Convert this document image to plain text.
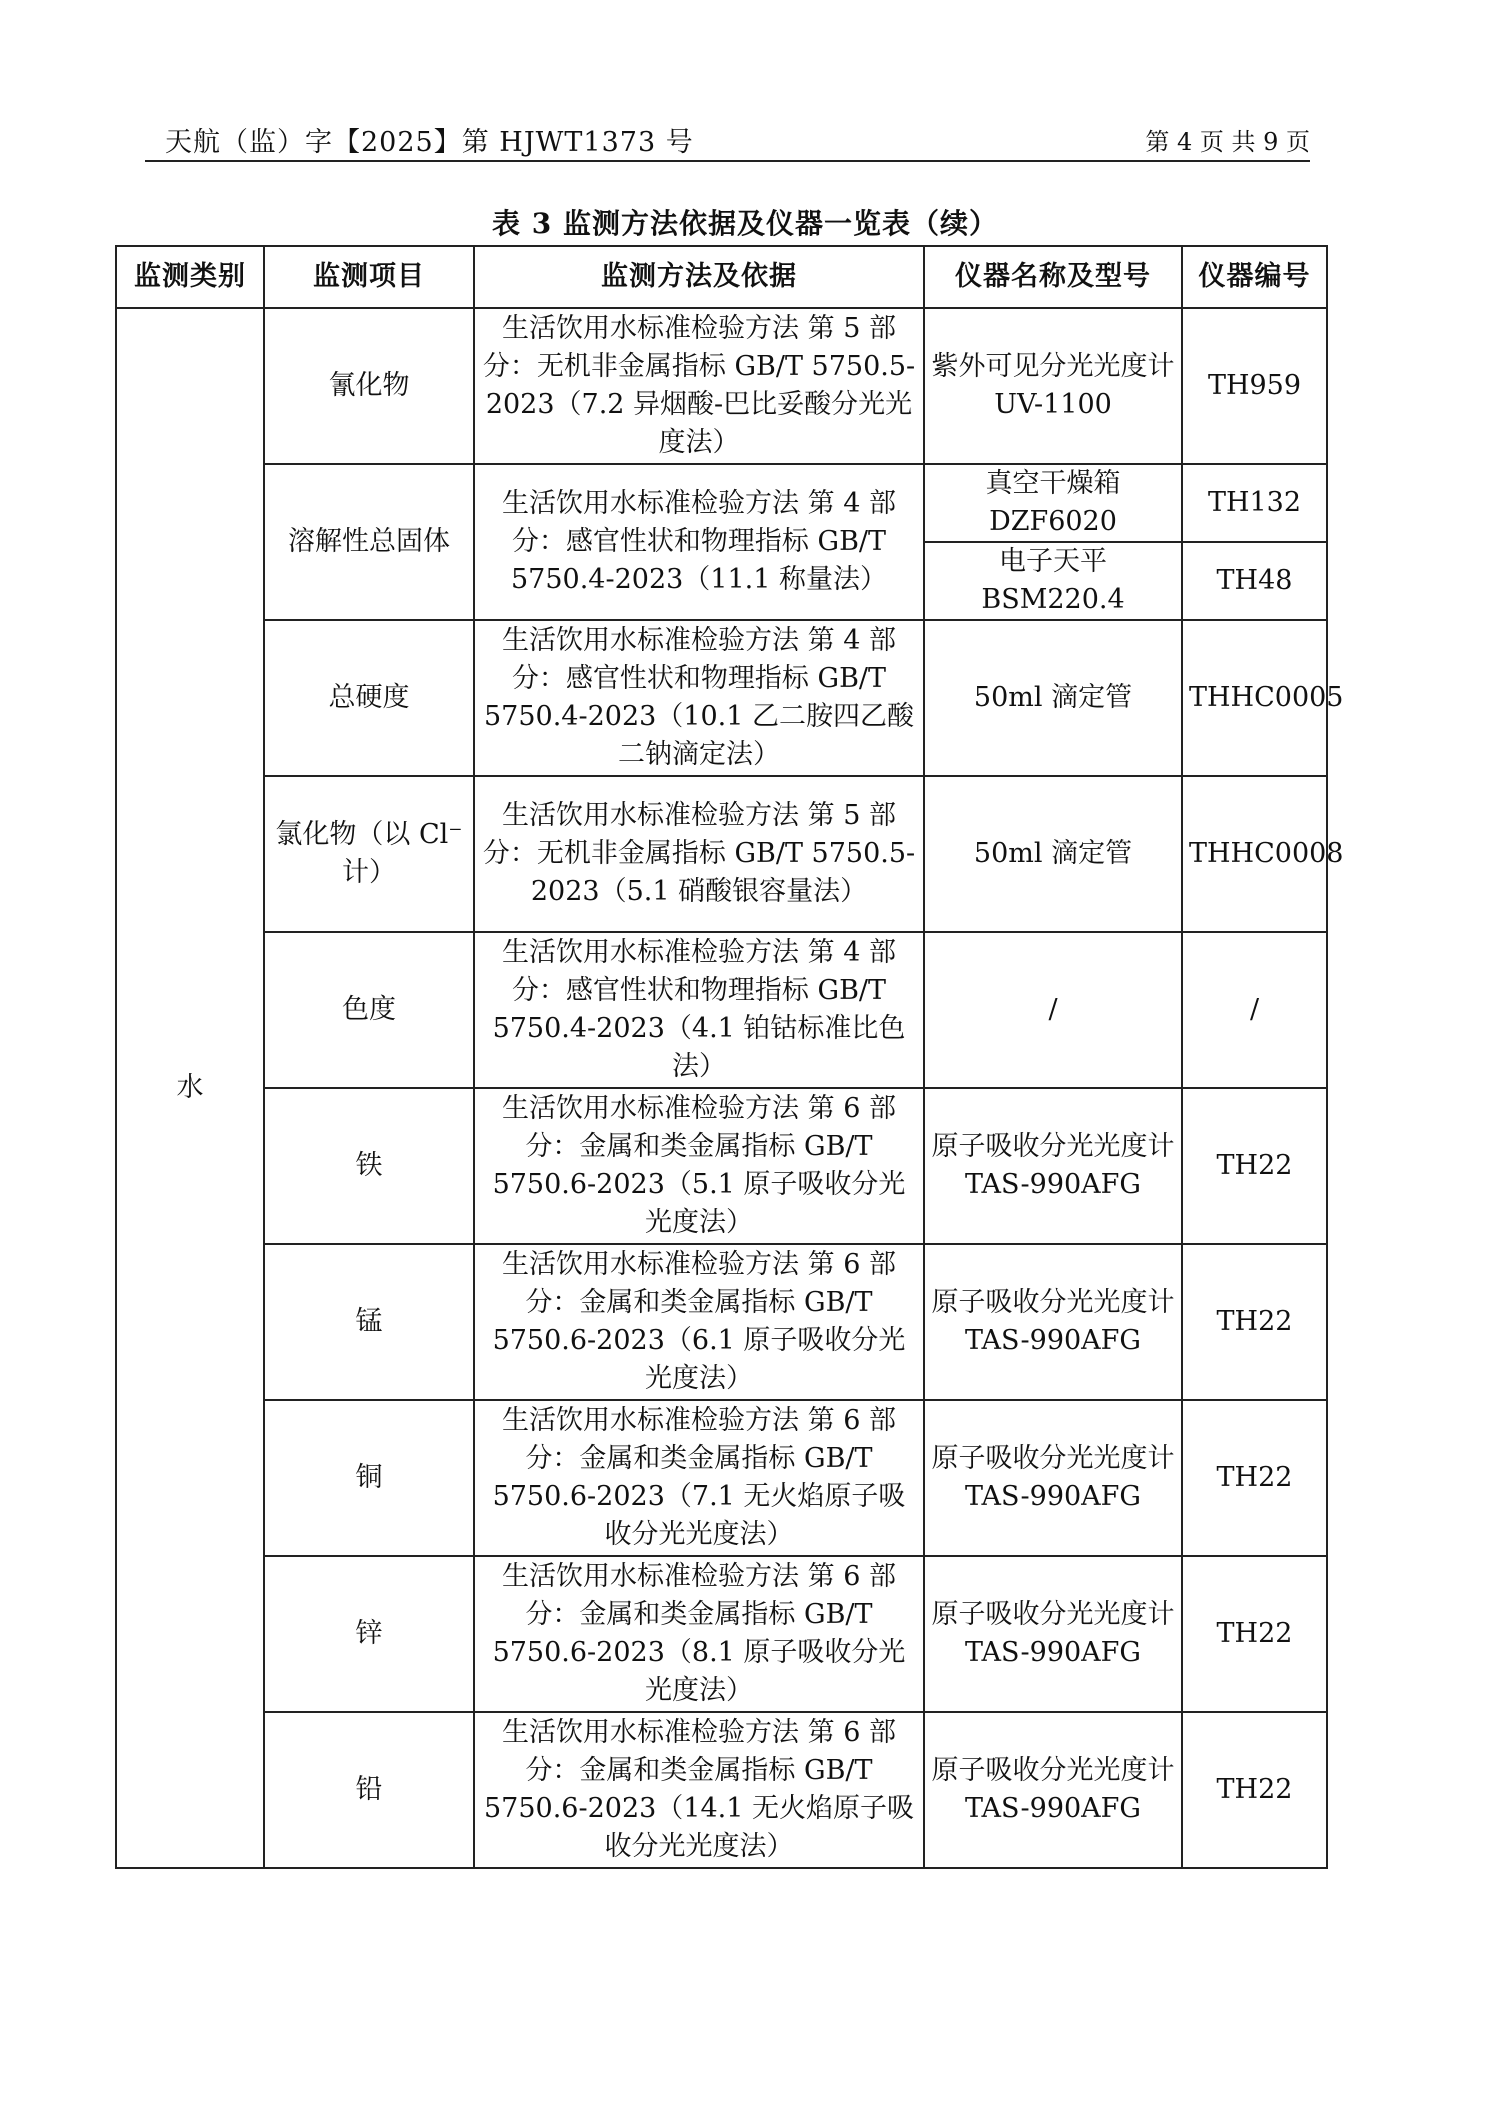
天航（监）字【2025】第 HJWT1373 号	第 4 页 共 9 页
表 3 监测方法依据及仪器一览表（续）
监测类别	监测项目	监测方法及依据	仪器名称及型号	仪器编号
水	氰化物	生活饮用水标准检验方法 第 5 部分：无机非金属指标 GB/T 5750.5-2023（7.2 异烟酸-巴比妥酸分光光度法）	紫外可见分光光度计 UV-1100	TH959
	溶解性总固体	生活饮用水标准检验方法 第 4 部分：感官性状和物理指标 GB/T 5750.4-2023（11.1 称量法）	真空干燥箱 DZF6020	TH132
			电子天平 BSM220.4	TH48
	总硬度	生活饮用水标准检验方法 第 4 部分：感官性状和物理指标 GB/T 5750.4-2023（10.1 乙二胺四乙酸二钠滴定法）	50ml 滴定管	THHC0005
	氯化物（以 Cl⁻计）	生活饮用水标准检验方法 第 5 部分：无机非金属指标 GB/T 5750.5-2023（5.1 硝酸银容量法）	50ml 滴定管	THHC0008
	色度	生活饮用水标准检验方法 第 4 部分：感官性状和物理指标 GB/T 5750.4-2023（4.1 铂钴标准比色法）	/	/
	铁	生活饮用水标准检验方法 第 6 部分：金属和类金属指标 GB/T 5750.6-2023（5.1 原子吸收分光光度法）	原子吸收分光光度计 TAS-990AFG	TH22
	锰	生活饮用水标准检验方法 第 6 部分：金属和类金属指标 GB/T 5750.6-2023（6.1 原子吸收分光光度法）	原子吸收分光光度计 TAS-990AFG	TH22
	铜	生活饮用水标准检验方法 第 6 部分：金属和类金属指标 GB/T 5750.6-2023（7.1 无火焰原子吸收分光光度法）	原子吸收分光光度计 TAS-990AFG	TH22
	锌	生活饮用水标准检验方法 第 6 部分：金属和类金属指标 GB/T 5750.6-2023（8.1 原子吸收分光光度法）	原子吸收分光光度计 TAS-990AFG	TH22
	铅	生活饮用水标准检验方法 第 6 部分：金属和类金属指标 GB/T 5750.6-2023（14.1 无火焰原子吸收分光光度法）	原子吸收分光光度计 TAS-990AFG	TH22
